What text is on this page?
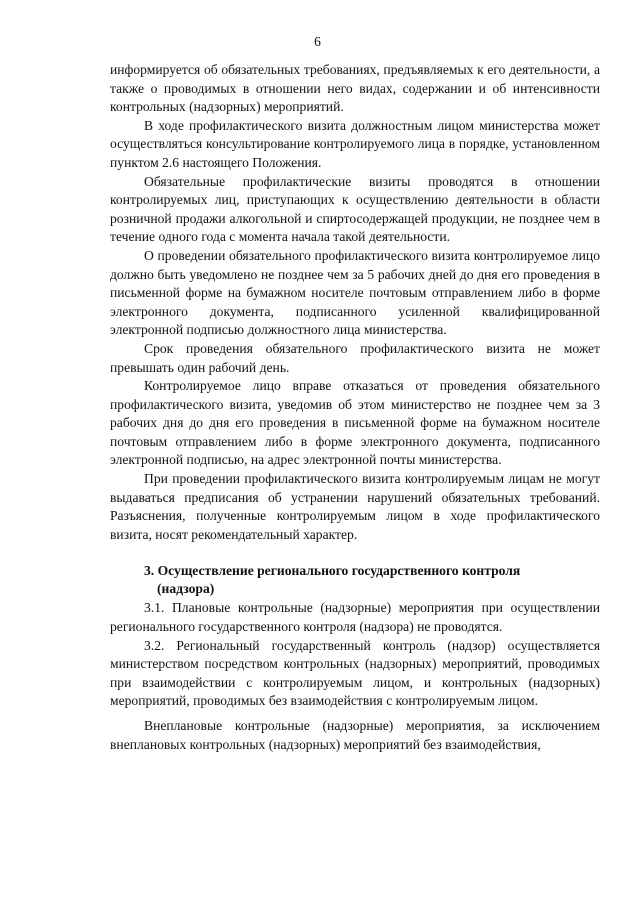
6

информируется об обязательных требованиях, предъявляемых к его деятельности, а также о проводимых в отношении него видах, содержании и об интенсивности контрольных (надзорных) мероприятий.

В ходе профилактического визита должностным лицом министерства может осуществляться консультирование контролируемого лица в порядке, установленном пунктом 2.6 настоящего Положения.

Обязательные профилактические визиты проводятся в отношении контролируемых лиц, приступающих к осуществлению деятельности в области розничной продажи алкогольной и спиртосодержащей продукции, не позднее чем в течение одного года с момента начала такой деятельности.

О проведении обязательного профилактического визита контролируемое лицо должно быть уведомлено не позднее чем за 5 рабочих дней до дня его проведения в письменной форме на бумажном носителе почтовым отправлением либо в форме электронного документа, подписанного усиленной квалифицированной электронной подписью должностного лица министерства.

Срок проведения обязательного профилактического визита не может превышать один рабочий день.

Контролируемое лицо вправе отказаться от проведения обязательного профилактического визита, уведомив об этом министерство не позднее чем за 3 рабочих дня до дня его проведения в письменной форме на бумажном носителе почтовым отправлением либо в форме электронного документа, подписанного электронной подписью, на адрес электронной почты министерства.

При проведении профилактического визита контролируемым лицам не могут выдаваться предписания об устранении нарушений обязательных требований. Разъяснения, полученные контролируемым лицом в ходе профилактического визита, носят рекомендательный характер.

3. Осуществление регионального государственного контроля
(надзора)

3.1. Плановые контрольные (надзорные) мероприятия при осуществлении регионального государственного контроля (надзора) не проводятся.

3.2. Региональный государственный контроль (надзор) осуществляется министерством посредством контрольных (надзорных) мероприятий, проводимых при взаимодействии с контролируемым лицом, и контрольных (надзорных) мероприятий, проводимых без взаимодействия с контролируемым лицом.

Внеплановые контрольные (надзорные) мероприятия, за исключением внеплановых контрольных (надзорных) мероприятий без взаимодействия,
